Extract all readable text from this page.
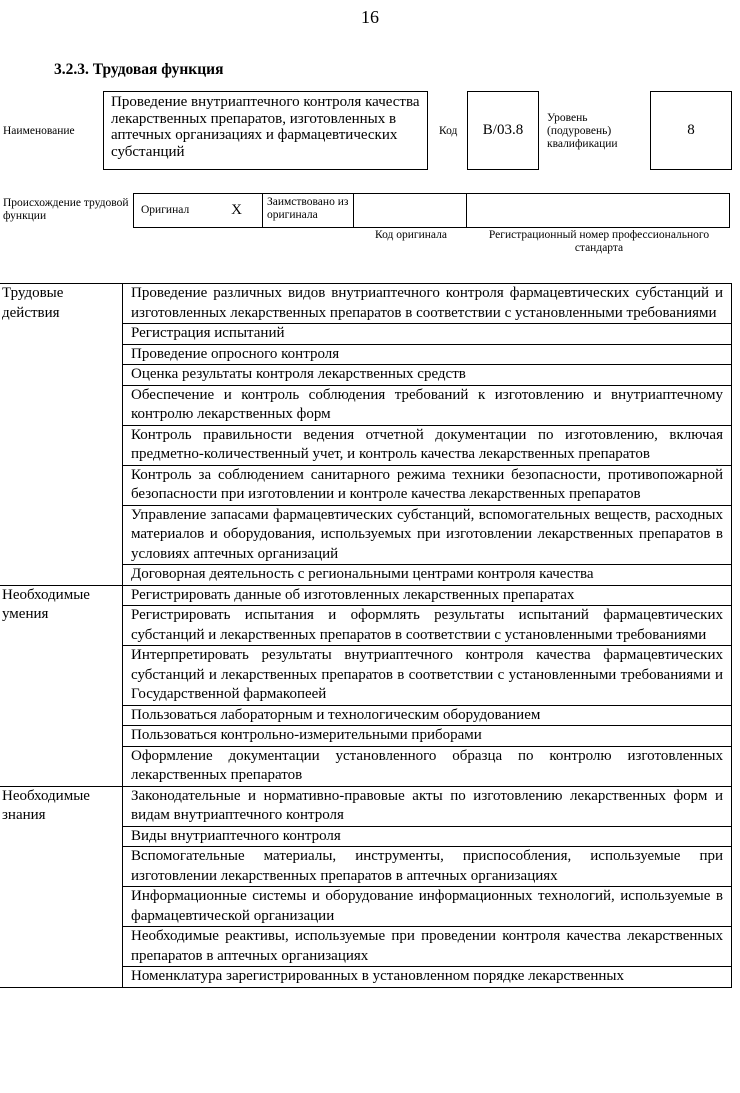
16
3.2.3. Трудовая функция
Наименование
Проведение внутриаптечного контроля качества лекарственных препаратов, изготовленных в аптечных организациях и фармацевтических субстанций
Код	B/03.8
Уровень (подуровень) квалификации
8
Происхождение трудовой функции	Оригинал	X	Заимствовано из оригинала
Код оригинала	Регистрационный номер профессионального стандарта
Трудовые действия	Проведение различных видов внутриаптечного контроля фармацевтических субстанций и изготовленных лекарственных препаратов в соответствии с установленными требованиями
	Регистрация испытаний
	Проведение опросного контроля
	Оценка результаты контроля лекарственных средств
	Обеспечение и контроль соблюдения требований к изготовлению и внутриаптечному контролю лекарственных форм
	Контроль правильности ведения отчетной документации по изготовлению, включая предметно-количественный учет, и контроль качества лекарственных препаратов
	Контроль за соблюдением санитарного режима техники безопасности, противопожарной безопасности при изготовлении и контроле качества лекарственных препаратов
	Управление запасами фармацевтических субстанций, вспомогательных веществ, расходных материалов и оборудования, используемых при изготовлении лекарственных препаратов в условиях аптечных организаций
	Договорная деятельность с региональными центрами контроля качества
Необходимые умения	Регистрировать данные об изготовленных лекарственных препаратах
	Регистрировать испытания и оформлять результаты испытаний фармацевтических субстанций и лекарственных препаратов в соответствии с установленными требованиями
	Интерпретировать результаты внутриаптечного контроля качества фармацевтических субстанций и лекарственных препаратов в соответствии с установленными требованиями и Государственной фармакопеей
	Пользоваться лабораторным и технологическим оборудованием
	Пользоваться контрольно-измерительными приборами
	Оформление документации установленного образца по контролю изготовленных лекарственных препаратов
Необходимые знания	Законодательные и нормативно-правовые акты по изготовлению лекарственных форм и видам внутриаптечного контроля
	Виды внутриаптечного контроля
	Вспомогательные материалы, инструменты, приспособления, используемые при изготовлении лекарственных препаратов в аптечных организациях
	Информационные системы и оборудование информационных технологий, используемые в фармацевтической организации
	Необходимые реактивы, используемые при проведении контроля качества лекарственных препаратов в аптечных организациях
	Номенклатура зарегистрированных в установленном порядке лекарственных
